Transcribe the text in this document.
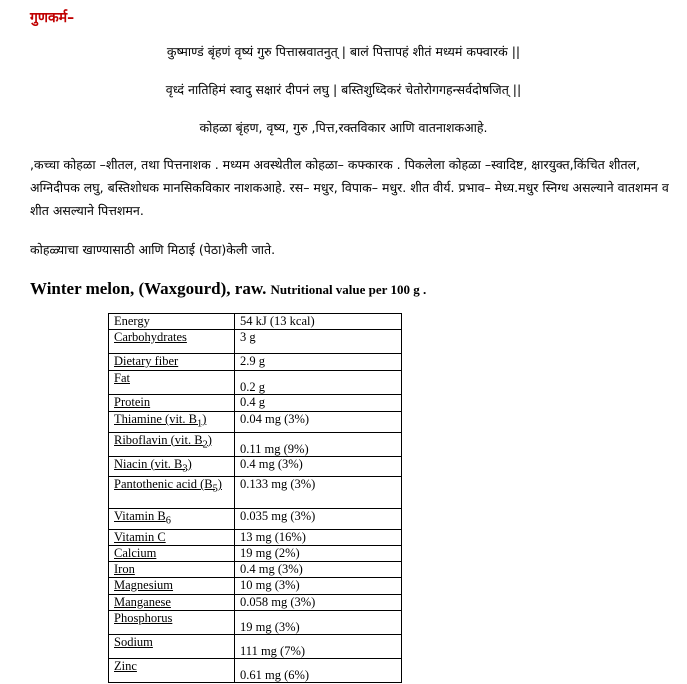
गुणकर्म–
कुष्माण्डं बृंहणं वृष्यं गुरु पित्तास्रवातनुत् | बालं पित्तापहं शीतं मध्यमं कफ्वारकं ||
वृध्दं नातिहिमं स्वादु सक्षारं दीपनं लघु | बस्तिशुध्दिकरं चेतोरोगगहन्सर्वदोषजित् ||
कोहळा बृंहण, वृष्य, गुरु ,पित्त,रक्तविकार आणि वातनाशकआहे.
,कच्चा कोहळा –शीतल, तथा पित्तनाशक . मध्यम अवस्थेतील कोहळा– कफ्कारक . पिकलेला कोहळा –स्वादिष्ट, क्षारयुक्त,किंचित शीतल, अग्निदीपक लघु, बस्तिशोधक मानसिकविकार नाशकआहे. रस– मधुर, विपाक– मधुर. शीत वीर्य. प्रभाव– मेध्य.मधुर स्निग्ध असल्याने वातशमन व शीत असल्याने पित्तशमन.
कोहळ्याचा खाण्यासाठी आणि मिठाई (पेठा)केली जाते.
Winter melon, (Waxgourd), raw. Nutritional value per 100 g .
Energy	54 kJ (13 kcal)
Carbohydrates	3 g
Dietary fiber	2.9 g
Fat	0.2 g
Protein	0.4 g
Thiamine (vit. $B_1$)	0.04 mg (3%)
Riboflavin (vit. $B_2$)	0.11 mg (9%)
Niacin (vit. $B_3$)	0.4 mg (3%)
Pantothenic acid $(B_5)$	0.133 mg (3%)
Vitamin $B_6$	0.035 mg (3%)
Vitamin C	13 mg (16%)
Calcium	19 mg (2%)
Iron	0.4 mg (3%)
Magnesium	10 mg (3%)
Manganese	0.058 mg (3%)
Phosphorus	19 mg (3%)
Sodium	111 mg (7%)
Zinc	0.61 mg (6%)
